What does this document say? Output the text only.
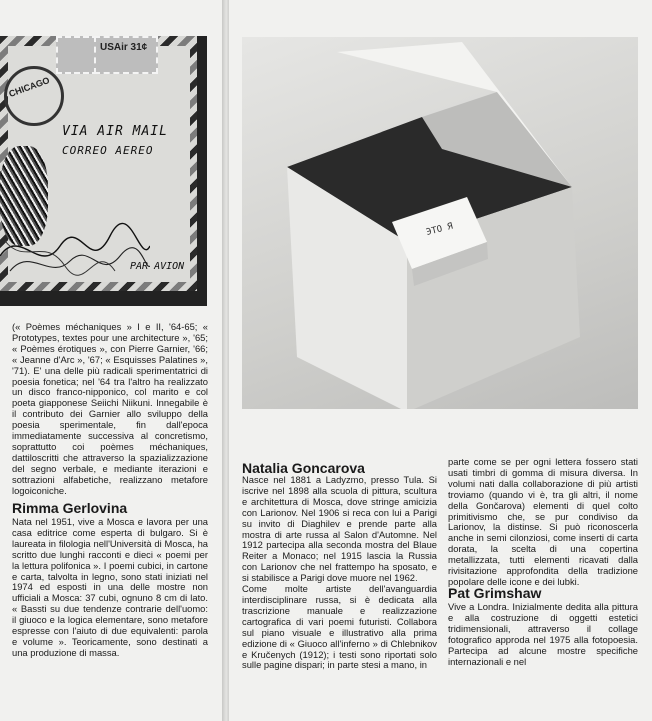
USAir 31¢
CHICAGO
VIA AIR MAIL
CORREO AEREO
PAR AVION

(« Poèmes méchaniques » I e II, '64-65; « Prototypes, textes pour une architecture », '65; « Poèmes érotiques », con Pierre Garnier, '66; « Jeanne d'Arc », '67; « Esquisses Palatines », '71). E' una delle più radicali sperimentatrici di poesia fonetica; nel '64 tra l'altro ha realizzato un disco franco-nipponico, col marito e col poeta giapponese Seiichi Niikuni. Innegabile è il contributo dei Garnier allo sviluppo della poesia sperimentale, fin dall'epoca immediatamente successiva al concretismo, soprattutto coi poèmes méchaniques, dattiloscritti che attraverso la spazializzazione del segno verbale, e mediante iterazioni e sottrazioni alfabetiche, realizzano metafore logoiconiche.

Rimma Gerlovina

Nata nel 1951, vive a Mosca e lavora per una casa editrice come esperta di bulgaro. Si è laureata in filologia nell'Università di Mosca, ha scritto due lunghi racconti e dieci « poemi per la lettura polifonica ». I poemi cubici, in cartone e carta, talvolta in legno, sono stati iniziati nel 1974 ed esposti in una delle mostre non ufficiali a Mosca: 37 cubi, ognuno 8 cm di lato. « Bassti su due tendenze contrarie dell'uomo: il giuoco e la logica elementare, sono metafore espresse con l'aiuto di due equivalenti: parola e volume ». Teoricamente, sono destinati a una produzione di massa.

ЭТО Я
Natalia Goncarova

Nasce nel 1881 a Ladyzmo, presso Tula. Si iscrive nel 1898 alla scuola di pittura, scultura e architettura di Mosca, dove stringe amicizia con Larionov. Nel 1906 si reca con lui a Parigi su invito di Diaghilev e prende parte alla mostra di arte russa al Salon d'Automne. Nel 1912 partecipa alla seconda mostra del Blaue Reiter a Monaco; nel 1915 lascia la Russia con Larionov che nel frattempo ha sposato, e si stabilisce a Parigi dove muore nel 1962.

Come molte artiste dell'avanguardia interdisciplinare russa, si è dedicata alla trascrizione manuale e realizzazione cartografica di vari poemi futuristi. Collabora sul piano visuale e illustrativo alla prima edizione di « Giuoco all'inferno » di Chlebnikov e Kručenych (1912); i testi sono riportati solo sulle pagine dispari; in parte stesi a mano, in

parte come se per ogni lettera fossero stati usati timbri di gomma di misura diversa. In volumi nati dalla collaborazione di più artisti troviamo (quando vi è, tra gli altri, il nome della Gončarova) elementi di quel colto primitivismo che, se pur condiviso da Larionov, la distinse. Si può riconoscerla anche in semi cilonziosi, come inserti di carta dorata, la scelta di una copertina metallizzata, tutti elementi ricavati dalla rivisitazione approfondita della tradizione popolare delle icone e dei lubki.

Pat Grimshaw

Vive a Londra. Inizialmente dedita alla pittura e alla costruzione di oggetti estetici tridimensionali, attraverso il collage fotografico approda nel 1975 alla fotopoesia. Partecipa ad alcune mostre specifiche internazionali e nel
